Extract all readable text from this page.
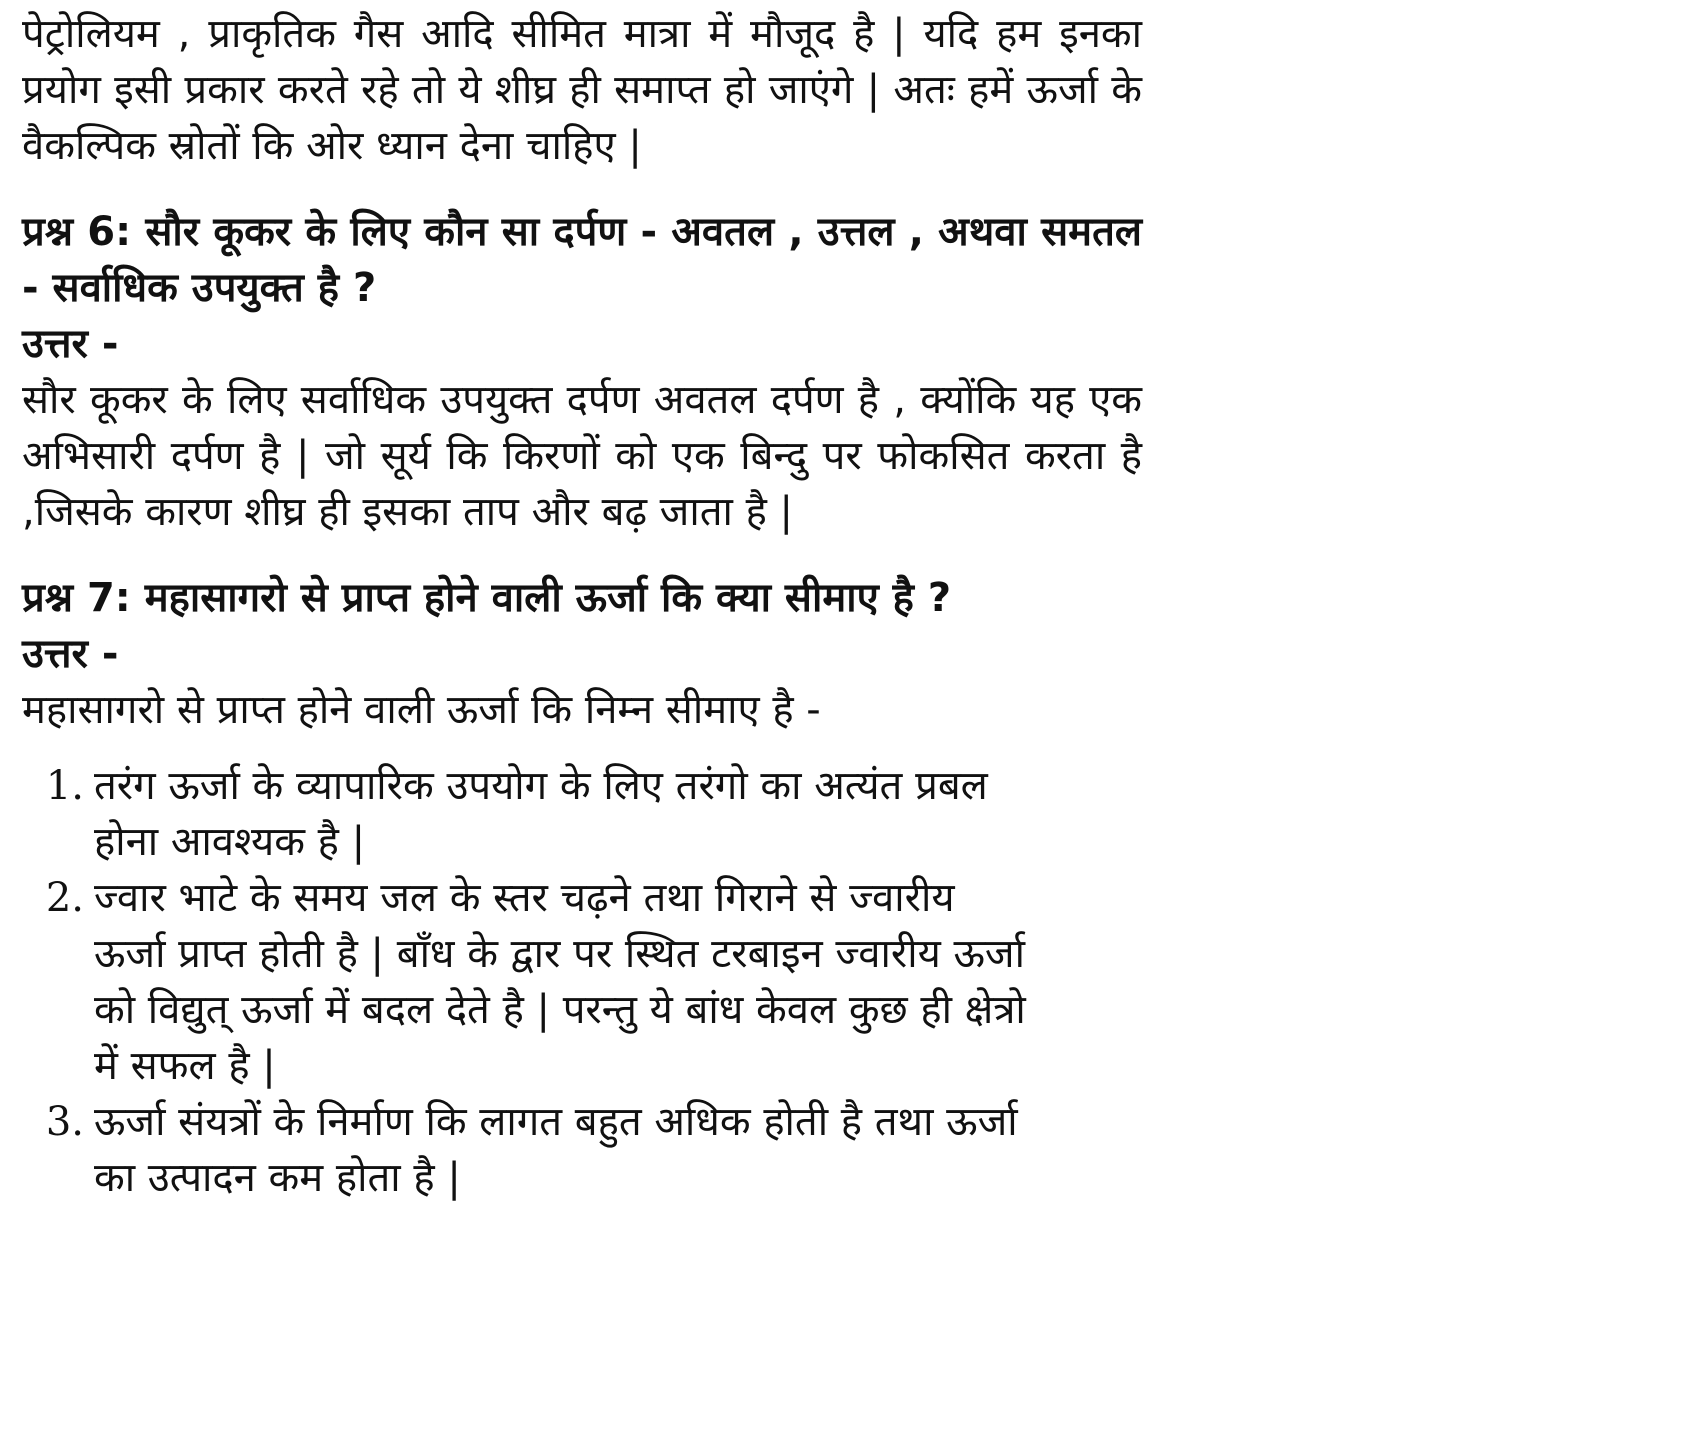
पेट्रोलियम , प्राकृतिक गैस आदि सीमित मात्रा में मौजूद है | यदि हम इनका प्रयोग इसी प्रकार करते रहे तो ये शीघ्र ही समाप्त हो जाएंगे | अतः हमें ऊर्जा के वैकल्पिक स्रोतों कि ओर ध्यान देना चाहिए |

प्रश्न 6: सौर कूकर के लिए कौन सा दर्पण - अवतल , उत्तल , अथवा समतल - सर्वाधिक उपयुक्त है ?

उत्तर -

सौर कूकर के लिए सर्वाधिक उपयुक्त दर्पण अवतल दर्पण है , क्योंकि यह एक अभिसारी दर्पण है | जो सूर्य कि किरणों को एक बिन्दु पर फोकसित करता है ,जिसके कारण शीघ्र ही इसका ताप और बढ़ जाता है |

प्रश्न 7: महासागरो से प्राप्त होने वाली ऊर्जा कि क्या सीमाए है ?

उत्तर -

महासागरो से प्राप्त होने वाली ऊर्जा कि निम्न सीमाए है -

1. तरंग ऊर्जा के व्यापारिक उपयोग के लिए तरंगो का अत्यंत प्रबल होना आवश्यक है |
2. ज्वार भाटे के समय जल के स्तर चढ़ने तथा गिराने से ज्वारीय ऊर्जा प्राप्त होती है | बाँध के द्वार पर स्थित टरबाइन ज्वारीय ऊर्जा को विद्युत् ऊर्जा में बदल देते है | परन्तु ये बांध केवल कुछ ही क्षेत्रो में सफल है |
3. ऊर्जा संयत्रों के निर्माण कि लागत बहुत अधिक होती है तथा ऊर्जा का उत्पादन कम होता है |
